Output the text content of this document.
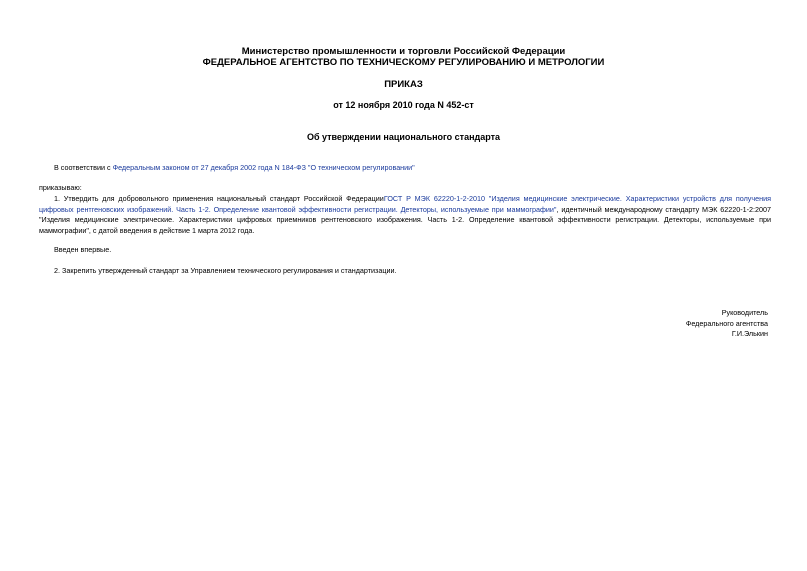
Министерство промышленности и торговли Российской Федерации
ФЕДЕРАЛЬНОЕ АГЕНТСТВО ПО ТЕХНИЧЕСКОМУ РЕГУЛИРОВАНИЮ И МЕТРОЛОГИИ
ПРИКАЗ
от 12 ноября 2010 года N 452-ст
Об утверждении национального стандарта
В соответствии с Федеральным законом от 27 декабря 2002 года N 184-ФЗ "О техническом регулировании"
приказываю:
1. Утвердить для добровольного применения национальный стандарт Российской ФедерацииГОСТ Р МЭК 62220-1-2-2010 "Изделия медицинские электрические. Характеристики устройств для получения цифровых рентгеновских изображений. Часть 1-2. Определение квантовой эффективности регистрации. Детекторы, используемые при маммографии", идентичный международному стандарту МЭК 62220-1-2:2007 "Изделия медицинские электрические. Характеристики цифровых приемников рентгеновского изображения. Часть 1-2. Определение квантовой эффективности регистрации. Детекторы, используемые при маммографии", с датой введения в действие 1 марта 2012 года.
Введен впервые.
2. Закрепить утвержденный стандарт за Управлением технического регулирования и стандартизации.
Руководитель
Федерального агентства
Г.И.Элькин
